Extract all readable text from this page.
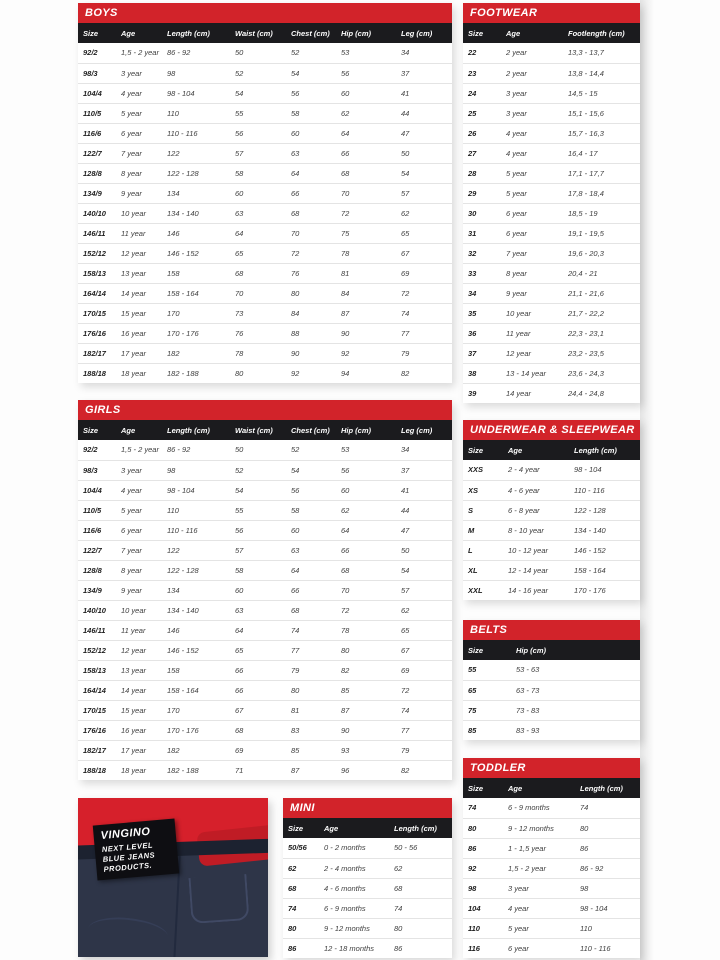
BOYS
Size	Age	Length (cm)	Waist (cm)	Chest (cm)	Hip (cm)	Leg (cm)
92/2	1,5 - 2 year	86 - 92	50	52	53	34
98/3	3 year	98	52	54	56	37
104/4	4 year	98 - 104	54	56	60	41
110/5	5 year	110	55	58	62	44
116/6	6 year	110 - 116	56	60	64	47
122/7	7 year	122	57	63	66	50
128/8	8 year	122 - 128	58	64	68	54
134/9	9 year	134	60	66	70	57
140/10	10 year	134 - 140	63	68	72	62
146/11	11 year	146	64	70	75	65
152/12	12 year	146 - 152	65	72	78	67
158/13	13 year	158	68	76	81	69
164/14	14 year	158 - 164	70	80	84	72
170/15	15 year	170	73	84	87	74
176/16	16 year	170 - 176	76	88	90	77
182/17	17 year	182	78	90	92	79
188/18	18 year	182 - 188	80	92	94	82
GIRLS
Size	Age	Length (cm)	Waist (cm)	Chest (cm)	Hip (cm)	Leg (cm)
92/2	1,5 - 2 year	86 - 92	50	52	53	34
98/3	3 year	98	52	54	56	37
104/4	4 year	98 - 104	54	56	60	41
110/5	5 year	110	55	58	62	44
116/6	6 year	110 - 116	56	60	64	47
122/7	7 year	122	57	63	66	50
128/8	8 year	122 - 128	58	64	68	54
134/9	9 year	134	60	66	70	57
140/10	10 year	134 - 140	63	68	72	62
146/11	11 year	146	64	74	78	65
152/12	12 year	146 - 152	65	77	80	67
158/13	13 year	158	66	79	82	69
164/14	14 year	158 - 164	66	80	85	72
170/15	15 year	170	67	81	87	74
176/16	16 year	170 - 176	68	83	90	77
182/17	17 year	182	69	85	93	79
188/18	18 year	182 - 188	71	87	96	82
FOOTWEAR
Size	Age	Footlength (cm)
22	2 year	13,3 - 13,7
23	2 year	13,8 - 14,4
24	3 year	14,5 - 15
25	3 year	15,1 - 15,6
26	4 year	15,7 - 16,3
27	4 year	16,4 - 17
28	5 year	17,1 - 17,7
29	5 year	17,8 - 18,4
30	6 year	18,5 - 19
31	6 year	19,1 - 19,5
32	7 year	19,6 - 20,3
33	8 year	20,4 - 21
34	9 year	21,1 - 21,6
35	10 year	21,7 - 22,2
36	11 year	22,3 - 23,1
37	12 year	23,2 - 23,5
38	13 - 14 year	23,6 - 24,3
39	14 year	24,4 - 24,8
UNDERWEAR & SLEEPWEAR
Size	Age	Length (cm)
XXS	2 - 4 year	98 - 104
XS	4 - 6 year	110 - 116
S	6 - 8 year	122 - 128
M	8 - 10 year	134 - 140
L	10 - 12 year	146 - 152
XL	12 - 14 year	158 - 164
XXL	14 - 16 year	170 - 176
BELTS
Size	Hip (cm)
55	53 - 63
65	63 - 73
75	73 - 83
85	83 - 93
TODDLER
Size	Age	Length (cm)
74	6 - 9 months	74
80	9 - 12 months	80
86	1 - 1,5 year	86
92	1,5 - 2 year	86 - 92
98	3 year	98
104	4 year	98 - 104
110	5 year	110
116	6 year	110 - 116
MINI
Size	Age	Length (cm)
50/56	0 - 2 months	50 - 56
62	2 - 4 months	62
68	4 - 6 months	68
74	6 - 9 months	74
80	9 - 12 months	80
86	12 - 18 months	86
VINGINO
NEXT LEVEL
BLUE JEANS
PRODUCTS.
